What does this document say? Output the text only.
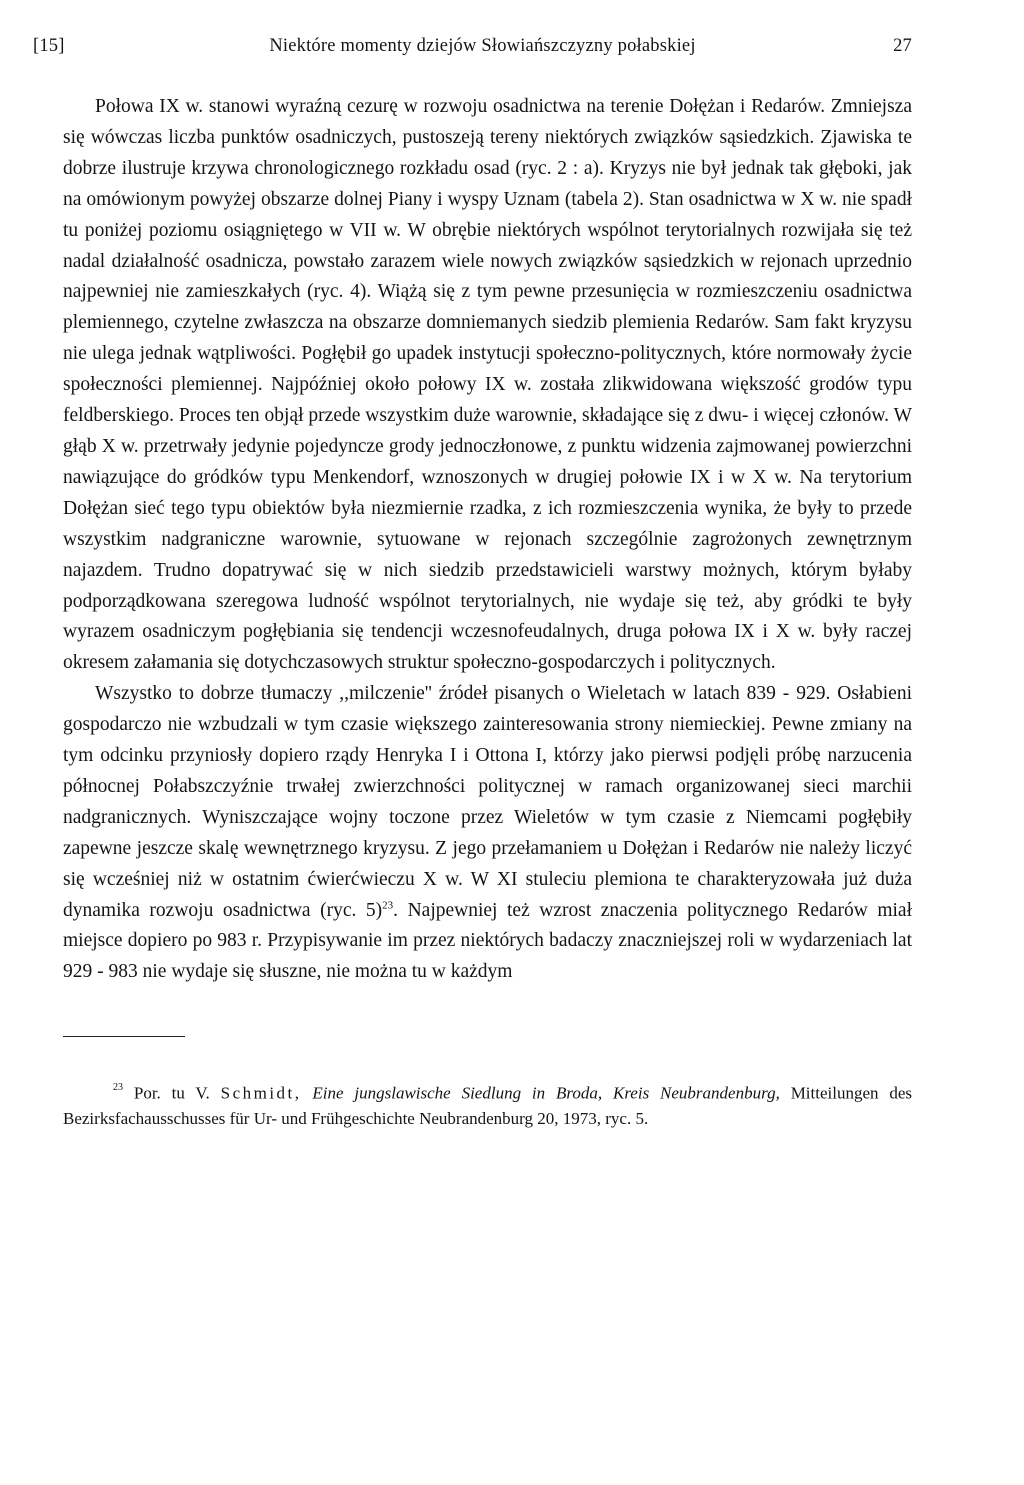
[15]	Niektóre momenty dziejów Słowiańszczyzny połabskiej	27

Połowa IX w. stanowi wyraźną cezurę w rozwoju osadnictwa na terenie Dołężan i Redarów. Zmniejsza się wówczas liczba punktów osadniczych, pustoszeją tereny niektórych związków sąsiedzkich. Zjawiska te dobrze ilustruje krzywa chronologicznego rozkładu osad (ryc. 2 : a). Kryzys nie był jednak tak głęboki, jak na omówionym powyżej obszarze dolnej Piany i wyspy Uznam (tabela 2). Stan osadnictwa w X w. nie spadł tu poniżej poziomu osiągniętego w VII w. W obrębie niektórych wspólnot terytorialnych rozwijała się też nadal działalność osadnicza, powstało zarazem wiele nowych związków sąsiedzkich w rejonach uprzednio najpewniej nie zamieszkałych (ryc. 4). Wiążą się z tym pewne przesunięcia w rozmieszczeniu osadnictwa plemiennego, czytelne zwłaszcza na obszarze domniemanych siedzib plemienia Redarów. Sam fakt kryzysu nie ulega jednak wątpliwości. Pogłębił go upadek instytucji społeczno-politycznych, które normowały życie społeczności plemiennej. Najpóźniej około połowy IX w. została zlikwidowana większość grodów typu feldberskiego. Proces ten objął przede wszystkim duże warownie, składające się z dwu- i więcej członów. W głąb X w. przetrwały jedynie pojedyncze grody jednoczłonowe, z punktu widzenia zajmowanej powierzchni nawiązujące do gródków typu Menkendorf, wznoszonych w drugiej połowie IX i w X w. Na terytorium Dołężan sieć tego typu obiektów była niezmiernie rzadka, z ich rozmieszczenia wynika, że były to przede wszystkim nadgraniczne warownie, sytuowane w rejonach szczególnie zagrożonych zewnętrznym najazdem. Trudno dopatrywać się w nich siedzib przedstawicieli warstwy możnych, którym byłaby podporządkowana szeregowa ludność wspólnot terytorialnych, nie wydaje się też, aby gródki te były wyrazem osadniczym pogłębiania się tendencji wczesnofeudalnych, druga połowa IX i X w. były raczej okresem załamania się dotychczasowych struktur społeczno-gospodarczych i politycznych.

Wszystko to dobrze tłumaczy ,,milczenie'' źródeł pisanych o Wieletach w latach 839 - 929. Osłabieni gospodarczo nie wzbudzali w tym czasie większego zainteresowania strony niemieckiej. Pewne zmiany na tym odcinku przyniosły dopiero rządy Henryka I i Ottona I, którzy jako pierwsi podjęli próbę narzucenia północnej Połabszczyźnie trwałej zwierzchności politycznej w ramach organizowanej sieci marchii nadgranicznych. Wyniszczające wojny toczone przez Wieletów w tym czasie z Niemcami pogłębiły zapewne jeszcze skalę wewnętrznego kryzysu. Z jego przełamaniem u Dołężan i Redarów nie należy liczyć się wcześniej niż w ostatnim ćwierćwieczu X w. W XI stuleciu plemiona te charakteryzowała już duża dynamika rozwoju osadnictwa (ryc. 5)$^{23}$. Najpewniej też wzrost znaczenia politycznego Redarów miał miejsce dopiero po 983 r. Przypisywanie im przez niektórych badaczy znaczniejszej roli w wydarzeniach lat 929 - 983 nie wydaje się słuszne, nie można tu w każdym

$^{23}$ Por. tu V. Schmidt, Eine jungslawische Siedlung in Broda, Kreis Neubrandenburg, Mitteilungen des Bezirksfachausschusses für Ur- und Frühgeschichte Neubrandenburg 20, 1973, ryc. 5.
